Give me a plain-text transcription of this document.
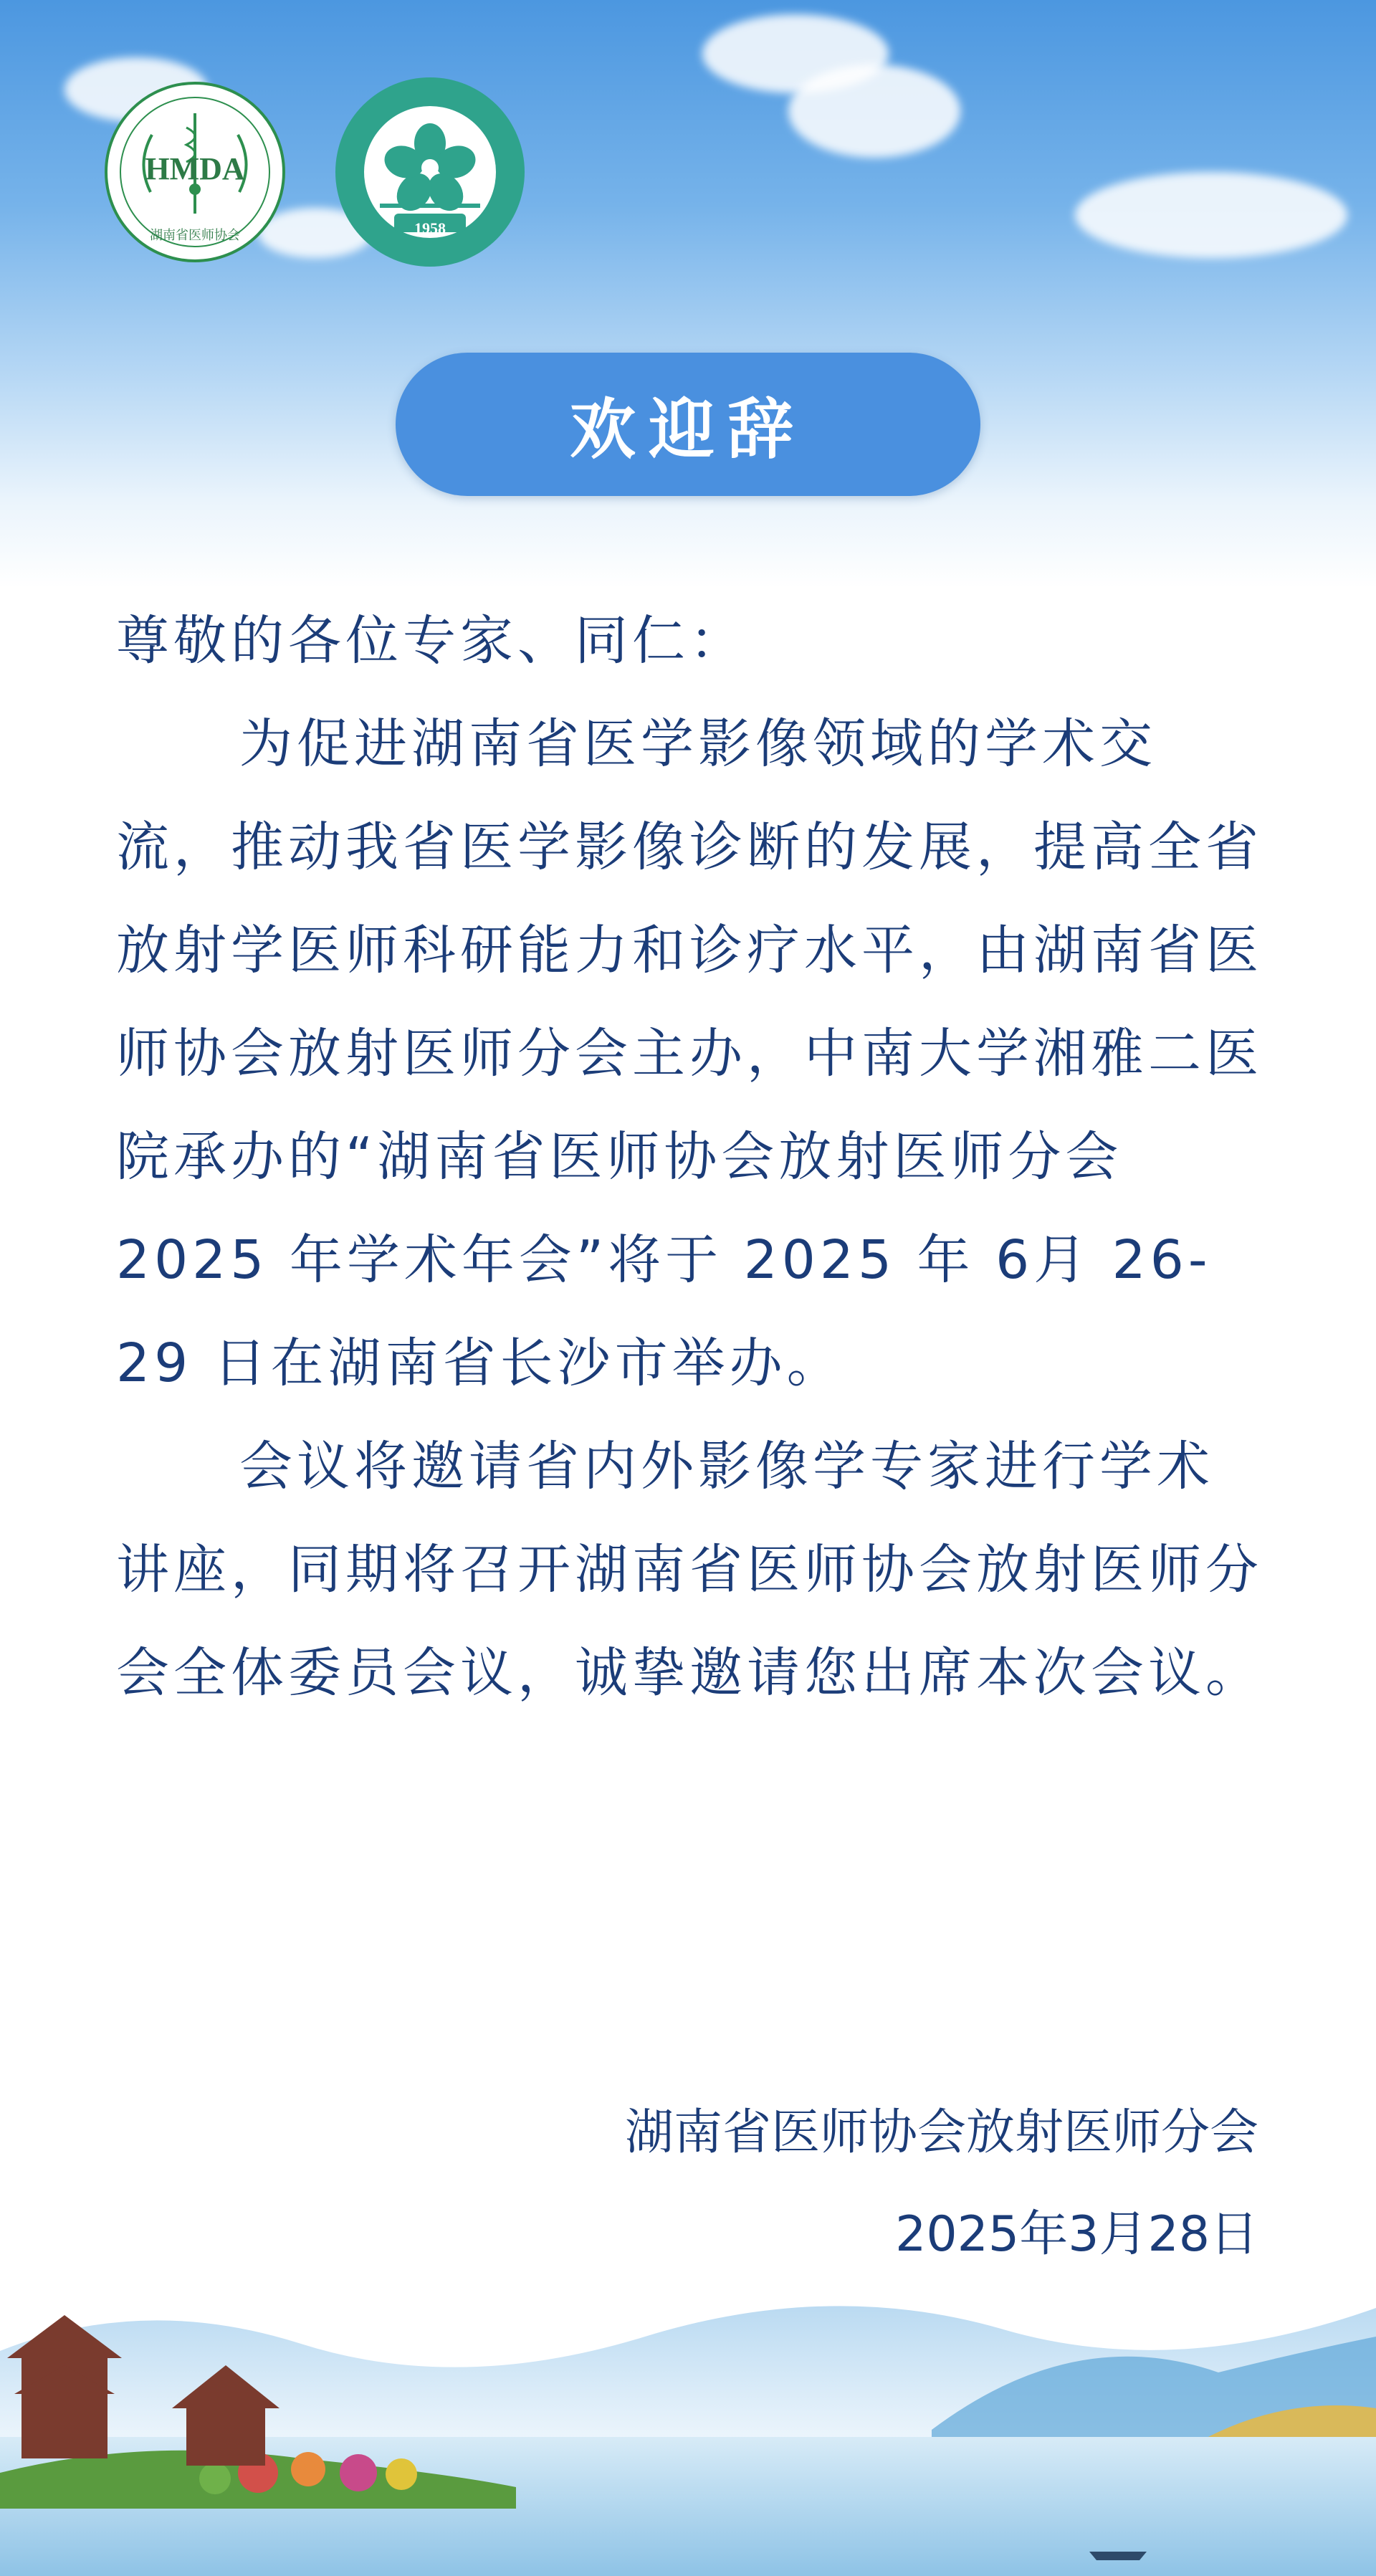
HMDA
湖南省医师协会	1958
欢迎辞

尊敬的各位专家、同仁：

为促进湖南省医学影像领域的学术交流，推动我省医学影像诊断的发展，提高全省放射学医师科研能力和诊疗水平，由湖南省医师协会放射医师分会主办，中南大学湘雅二医院承办的“湖南省医师协会放射医师分会 2025 年学术年会”将于 2025 年 6月 26-29 日在湖南省长沙市举办。

会议将邀请省内外影像学专家进行学术讲座，同期将召开湖南省医师协会放射医师分会全体委员会议，诚挚邀请您出席本次会议。

湖南省医师协会放射医师分会
2025年3月28日
